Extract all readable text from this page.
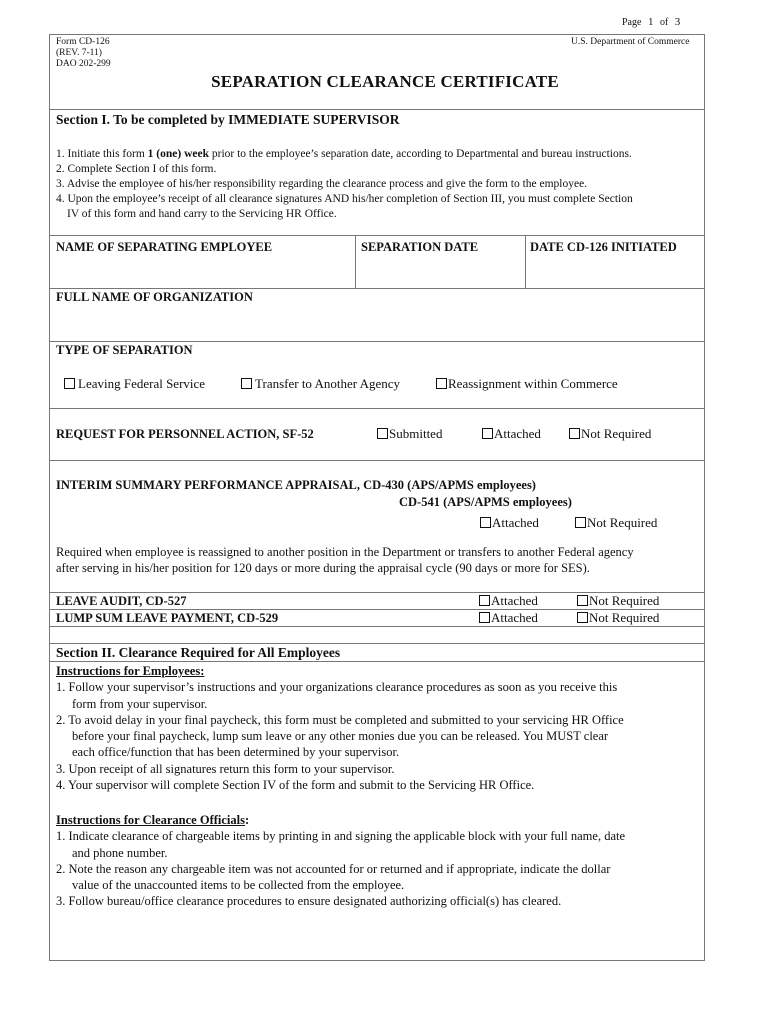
Page 1 of 3
Form CD-126
(REV. 7-11)
DAO 202-299
U.S. Department of Commerce
SEPARATION CLEARANCE CERTIFICATE
Section I. To be completed by IMMEDIATE SUPERVISOR
1. Initiate this form 1 (one) week prior to the employee’s separation date, according to Departmental and bureau instructions.
2. Complete Section I of this form.
3. Advise the employee of his/her responsibility regarding the clearance process and give the form to the employee.
4. Upon the employee’s receipt of all clearance signatures AND his/her completion of Section III, you must complete Section
IV of this form and hand carry to the Servicing HR Office.
NAME OF SEPARATING EMPLOYEE	SEPARATION DATE	DATE CD-126 INITIATED
FULL NAME OF ORGANIZATION
TYPE OF SEPARATION
Leaving Federal Service	Transfer to Another Agency	Reassignment within Commerce
REQUEST FOR PERSONNEL ACTION, SF-52	Submitted	Attached	Not Required
INTERIM SUMMARY PERFORMANCE APPRAISAL, CD-430 (APS/APMS employees)
CD-541 (APS/APMS employees)
Attached	Not Required
Required when employee is reassigned to another position in the Department or transfers to another Federal agency
after serving in his/her position for 120 days or more during the appraisal cycle (90 days or more for SES).
LEAVE AUDIT, CD-527	Attached	Not Required
LUMP SUM LEAVE PAYMENT, CD-529	Attached	Not Required
Section II. Clearance Required for All Employees
Instructions for Employees:
1. Follow your supervisor’s instructions and your organizations clearance procedures as soon as you receive this
form from your supervisor.
2. To avoid delay in your final paycheck, this form must be completed and submitted to your servicing HR Office
before your final paycheck, lump sum leave or any other monies due you can be released. You MUST clear
each office/function that has been determined by your supervisor.
3. Upon receipt of all signatures return this form to your supervisor.
4. Your supervisor will complete Section IV of the form and submit to the Servicing HR Office.
Instructions for Clearance Officials:
1. Indicate clearance of chargeable items by printing in and signing the applicable block with your full name, date
and phone number.
2. Note the reason any chargeable item was not accounted for or returned and if appropriate, indicate the dollar
value of the unaccounted items to be collected from the employee.
3. Follow bureau/office clearance procedures to ensure designated authorizing official(s) has cleared.
